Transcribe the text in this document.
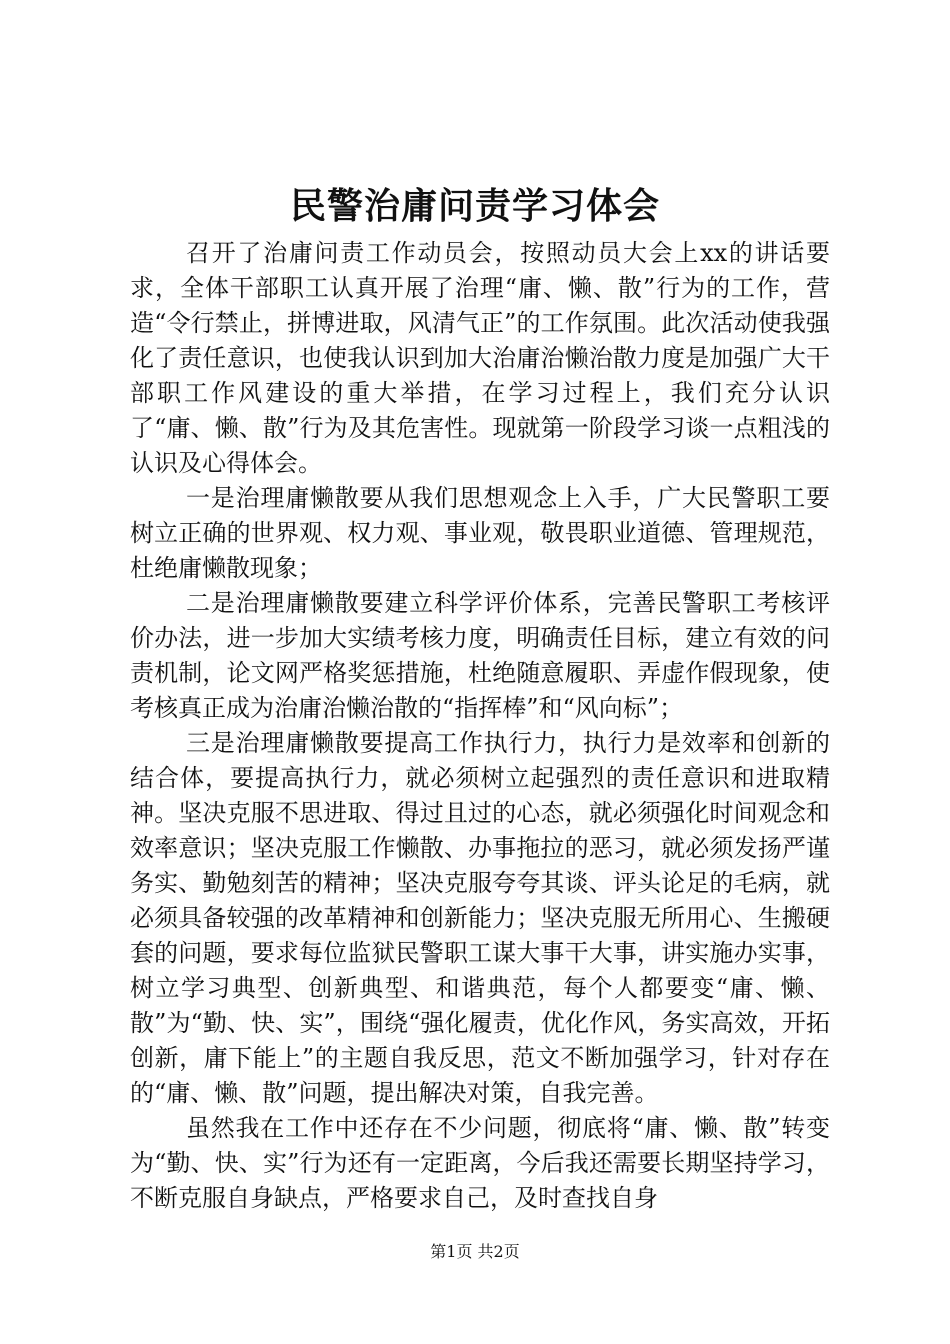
民警治庸问责学习体会

召开了治庸问责工作动员会，按照动员大会上xx的讲话要求，全体干部职工认真开展了治理“庸、懒、散”行为的工作，营造“令行禁止，拼博进取，风清气正”的工作氛围。此次活动使我强化了责任意识，也使我认识到加大治庸治懒治散力度是加强广大干部职工作风建设的重大举措，在学习过程上，我们充分认识了“庸、懒、散”行为及其危害性。现就第一阶段学习谈一点粗浅的认识及心得体会。

一是治理庸懒散要从我们思想观念上入手，广大民警职工要树立正确的世界观、权力观、事业观，敬畏职业道德、管理规范，杜绝庸懒散现象；

二是治理庸懒散要建立科学评价体系，完善民警职工考核评价办法，进一步加大实绩考核力度，明确责任目标，建立有效的问责机制，论文网严格奖惩措施，杜绝随意履职、弄虚作假现象，使考核真正成为治庸治懒治散的“指挥棒”和“风向标”；

三是治理庸懒散要提高工作执行力，执行力是效率和创新的结合体，要提高执行力，就必须树立起强烈的责任意识和进取精神。坚决克服不思进取、得过且过的心态，就必须强化时间观念和效率意识；坚决克服工作懒散、办事拖拉的恶习，就必须发扬严谨务实、勤勉刻苦的精神；坚决克服夸夸其谈、评头论足的毛病，就必须具备较强的改革精神和创新能力；坚决克服无所用心、生搬硬套的问题，要求每位监狱民警职工谋大事干大事，讲实施办实事，树立学习典型、创新典型、和谐典范，每个人都要变“庸、懒、散”为“勤、快、实”，围绕“强化履责，优化作风，务实高效，开拓创新，庸下能上”的主题自我反思，范文不断加强学习，针对存在的“庸、懒、散”问题，提出解决对策，自我完善。

虽然我在工作中还存在不少问题，彻底将“庸、懒、散”转变为“勤、快、实”行为还有一定距离，今后我还需要长期坚持学习，不断克服自身缺点，严格要求自己，及时查找自身

第1页 共2页
